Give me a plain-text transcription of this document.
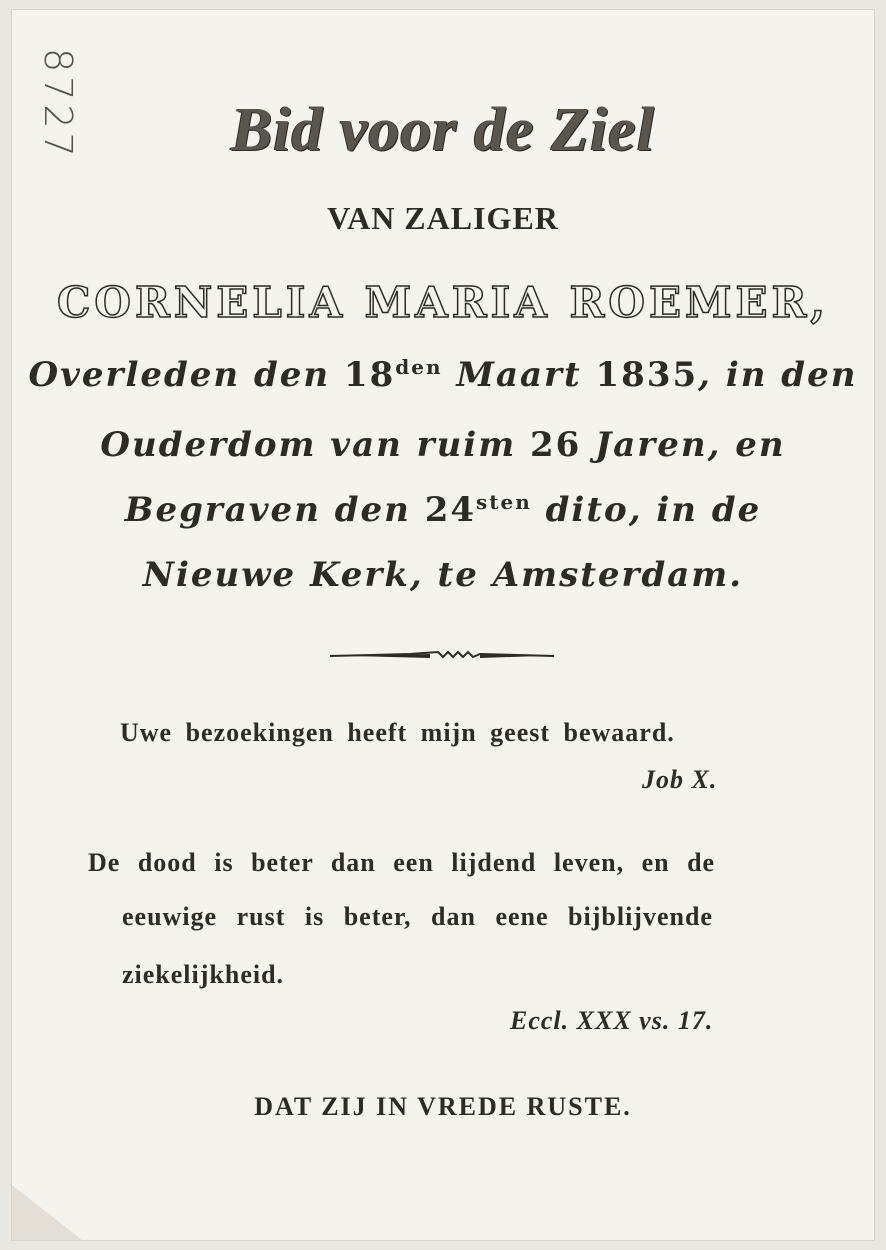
8727	Bid voor de Ziel
VAN ZALIGER
CORNELIA MARIA ROEMER,
Overleden den $18^{den}$ Maart 1835, in den
Ouderdom van ruim 26 Jaren, en
Begraven den $24^{sten}$ dito, in de
Nieuwe Kerk, te Amsterdam.
Uwe bezoekingen heeft mijn geest bewaard.
Job X.
De dood is beter dan een lijdend leven, en de
eeuwige rust is beter, dan eene bijblijvende
ziekelijkheid.
Eccl. XXX vs. 17.
DAT ZIJ IN VREDE RUSTE.
